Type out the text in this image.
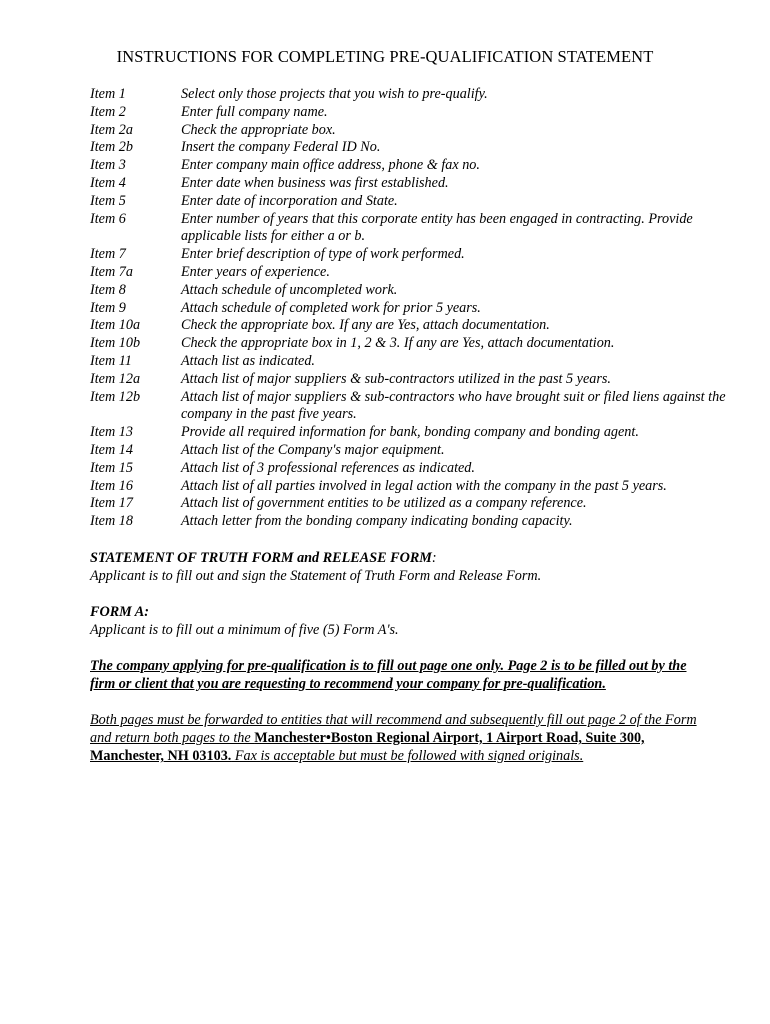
INSTRUCTIONS FOR COMPLETING PRE-QUALIFICATION STATEMENT
Item 1	Select only those projects that you wish to pre-qualify.
Item 2	Enter full company name.
Item 2a	Check the appropriate box.
Item 2b	Insert the company Federal ID No.
Item 3	Enter company main office address, phone & fax no.
Item 4	Enter date when business was first established.
Item 5	Enter date of incorporation and State.
Item 6	Enter number of years that this corporate entity has been engaged in contracting. Provide applicable lists for either a or b.
Item 7	Enter brief description of type of work performed.
Item 7a	Enter years of experience.
Item 8	Attach schedule of uncompleted work.
Item 9	Attach schedule of completed work for prior 5 years.
Item 10a	Check the appropriate box. If any are Yes, attach documentation.
Item 10b	Check the appropriate box in 1, 2 & 3. If any are Yes, attach documentation.
Item 11	Attach list as indicated.
Item 12a	Attach list of major suppliers & sub-contractors utilized in the past 5 years.
Item 12b	Attach list of major suppliers & sub-contractors who have brought suit or filed liens against the company in the past five years.
Item 13	Provide all required information for bank, bonding company and bonding agent.
Item 14	Attach list of the Company's major equipment.
Item 15	Attach list of 3 professional references as indicated.
Item 16	Attach list of all parties involved in legal action with the company in the past 5 years.
Item 17	Attach list of government entities to be utilized as a company reference.
Item 18	Attach letter from the bonding company indicating bonding capacity.
STATEMENT OF TRUTH FORM and RELEASE FORM:
Applicant is to fill out and sign the Statement of Truth Form and Release Form.
FORM A:
Applicant is to fill out a minimum of five (5) Form A's.
The company applying for pre-qualification is to fill out page one only. Page 2 is to be filled out by the firm or client that you are requesting to recommend your company for pre-qualification.
Both pages must be forwarded to entities that will recommend and subsequently fill out page 2 of the Form and return both pages to the Manchester•Boston Regional Airport, 1 Airport Road, Suite 300, Manchester, NH 03103. Fax is acceptable but must be followed with signed originals.
